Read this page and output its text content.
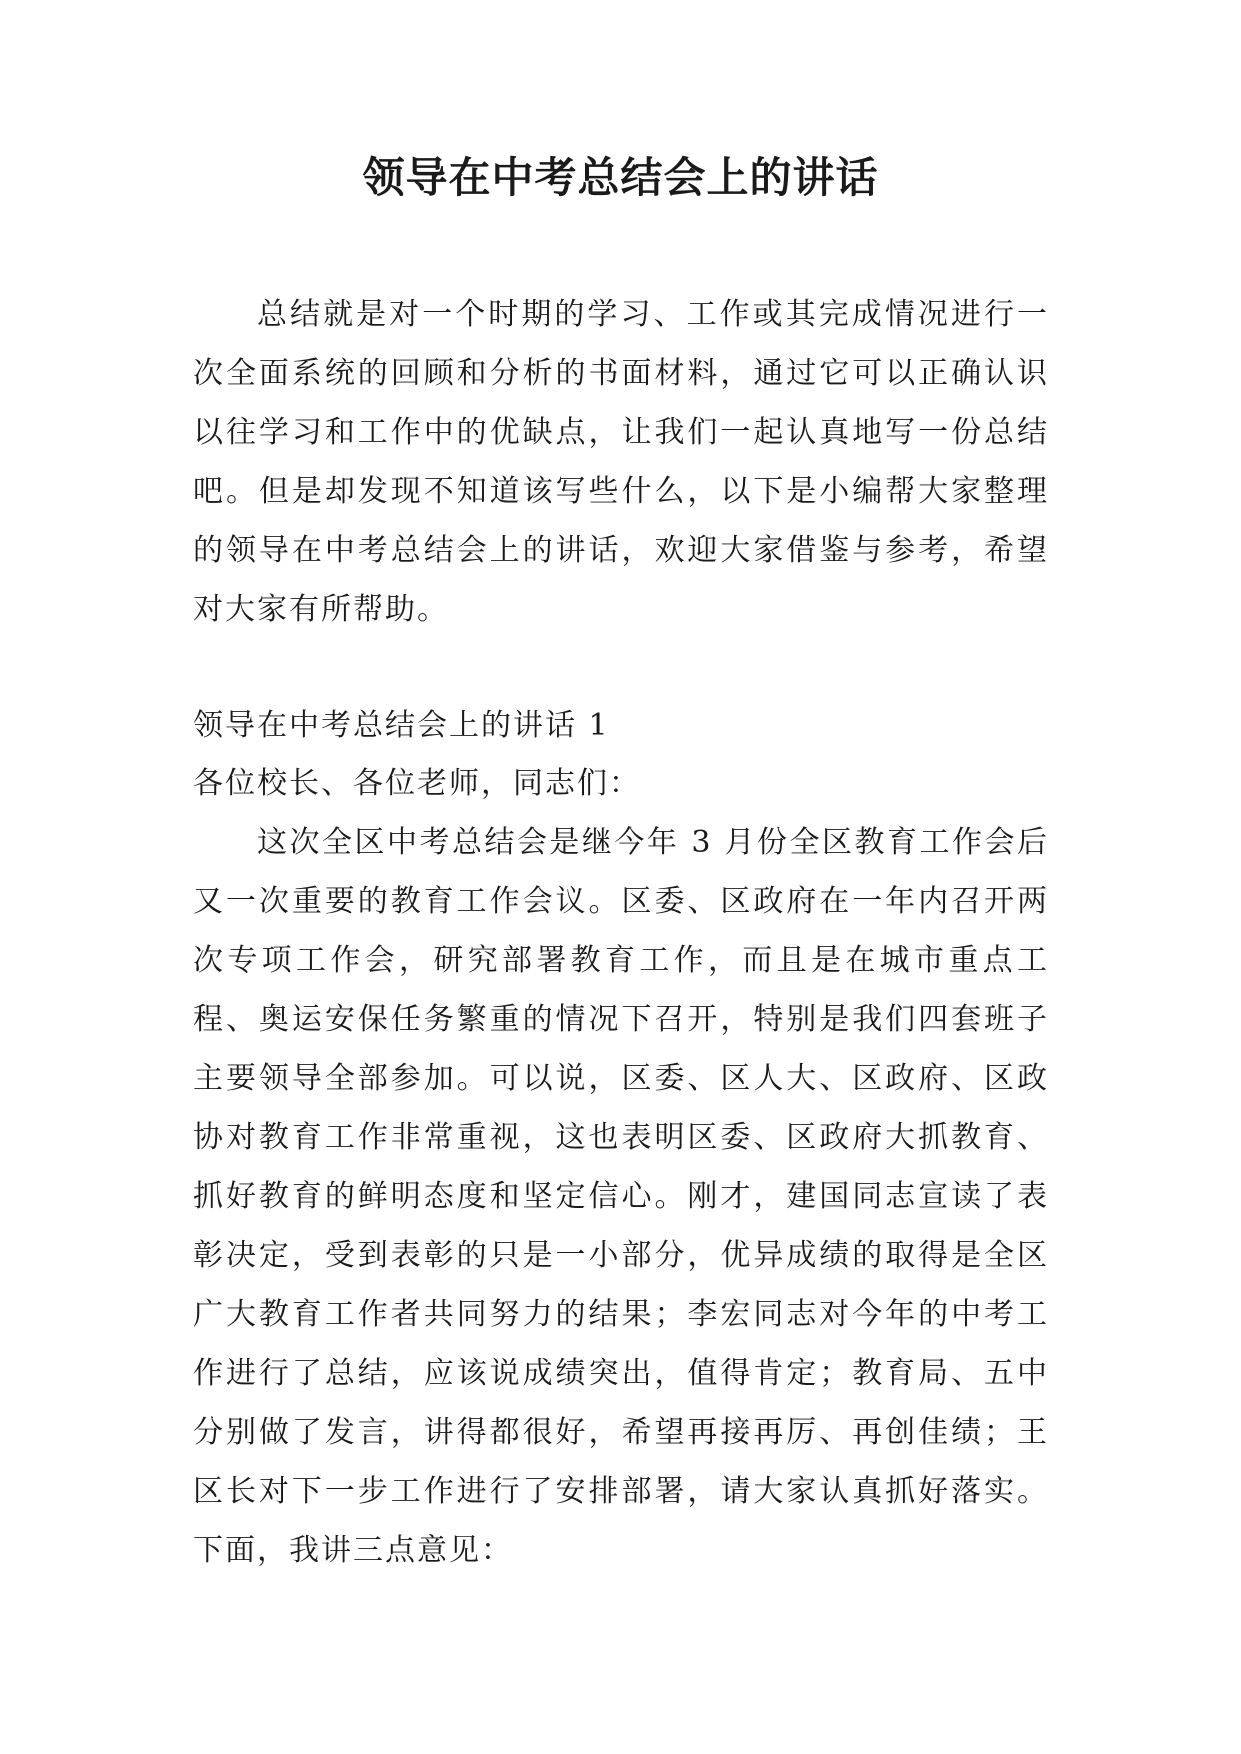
领导在中考总结会上的讲话

总结就是对一个时期的学习、工作或其完成情况进行一次全面系统的回顾和分析的书面材料，通过它可以正确认识以往学习和工作中的优缺点，让我们一起认真地写一份总结吧。但是却发现不知道该写些什么，以下是小编帮大家整理的领导在中考总结会上的讲话，欢迎大家借鉴与参考，希望对大家有所帮助。

领导在中考总结会上的讲话 1

各位校长、各位老师，同志们：

这次全区中考总结会是继今年 3 月份全区教育工作会后又一次重要的教育工作会议。区委、区政府在一年内召开两次专项工作会，研究部署教育工作，而且是在城市重点工程、奥运安保任务繁重的情况下召开，特别是我们四套班子主要领导全部参加。可以说，区委、区人大、区政府、区政协对教育工作非常重视，这也表明区委、区政府大抓教育、抓好教育的鲜明态度和坚定信心。刚才，建国同志宣读了表彰决定，受到表彰的只是一小部分，优异成绩的取得是全区广大教育工作者共同努力的结果；李宏同志对今年的中考工作进行了总结，应该说成绩突出，值得肯定；教育局、五中分别做了发言，讲得都很好，希望再接再厉、再创佳绩；王区长对下一步工作进行了安排部署，请大家认真抓好落实。下面，我讲三点意见：
